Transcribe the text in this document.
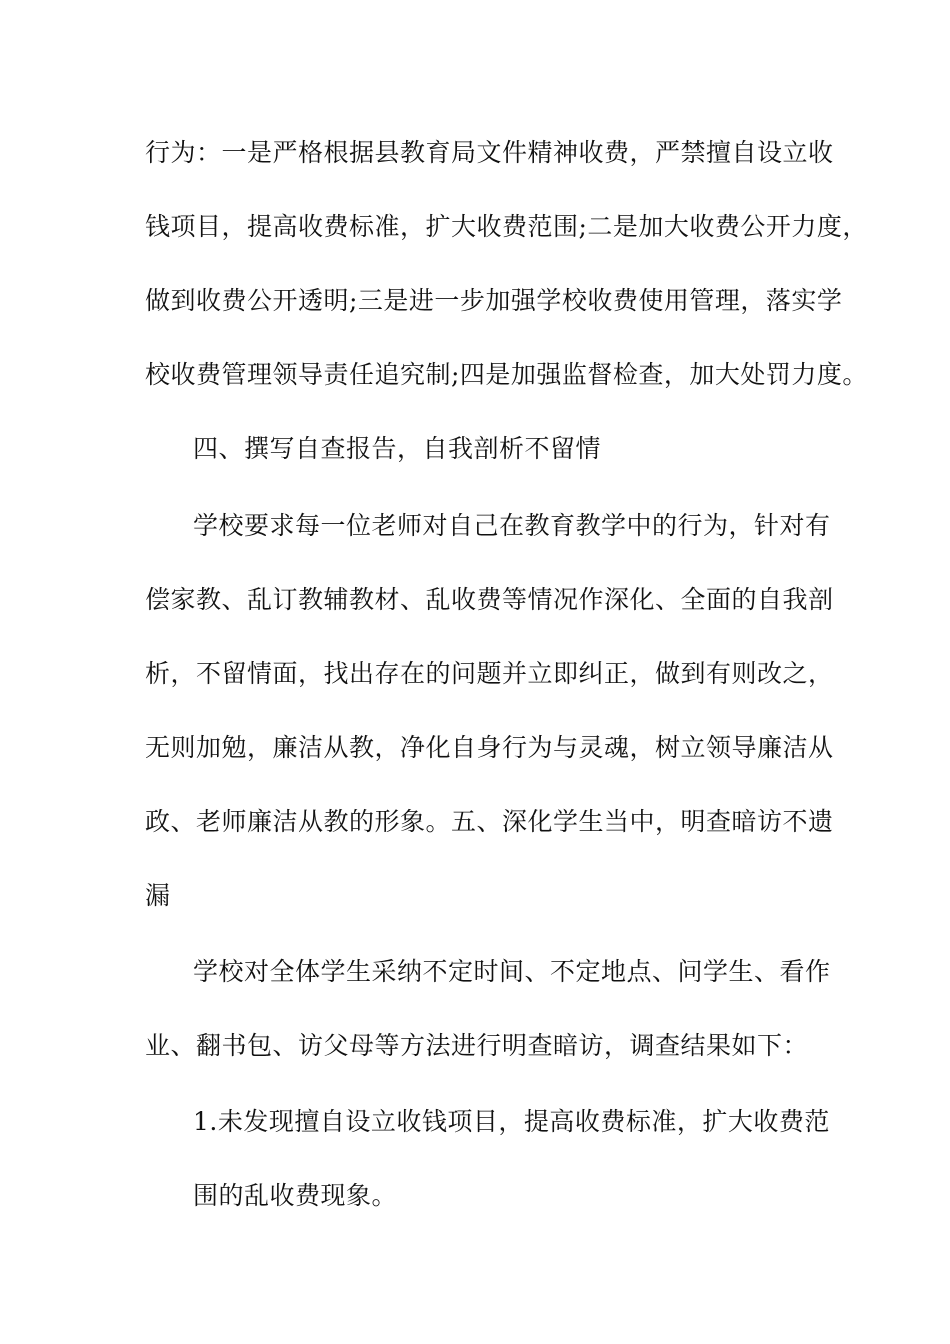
行为：一是严格根据县教育局文件精神收费，严禁擅自设立收
钱项目，提高收费标准，扩大收费范围;二是加大收费公开力度，
做到收费公开透明;三是进一步加强学校收费使用管理，落实学
校收费管理领导责任追究制;四是加强监督检查，加大处罚力度。
四、撰写自查报告，自我剖析不留情
学校要求每一位老师对自己在教育教学中的行为，针对有
偿家教、乱订教辅教材、乱收费等情况作深化、全面的自我剖
析，不留情面，找出存在的问题并立即纠正，做到有则改之，
无则加勉，廉洁从教，净化自身行为与灵魂，树立领导廉洁从
政、老师廉洁从教的形象。五、深化学生当中，明查暗访不遗
漏
学校对全体学生采纳不定时间、不定地点、问学生、看作
业、翻书包、访父母等方法进行明查暗访，调查结果如下：
1.未发现擅自设立收钱项目，提高收费标准，扩大收费范
围的乱收费现象。
